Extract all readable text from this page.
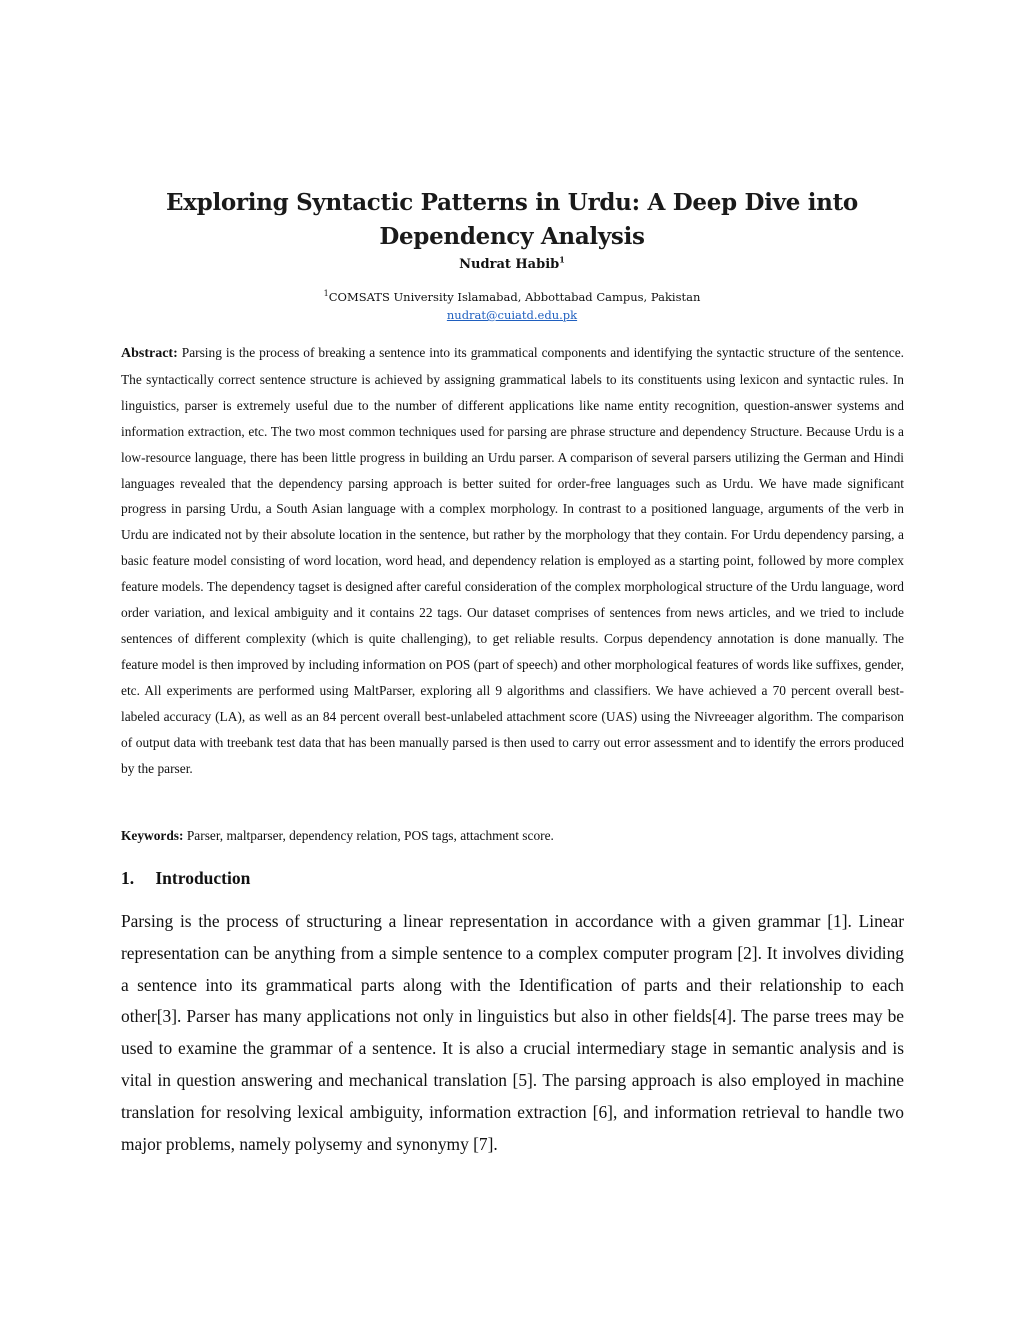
Exploring Syntactic Patterns in Urdu: A Deep Dive into Dependency Analysis
Nudrat Habib$^1$
$^1$COMSATS University Islamabad, Abbottabad Campus, Pakistan
nudrat@cuiatd.edu.pk
Abstract: Parsing is the process of breaking a sentence into its grammatical components and identifying the syntactic structure of the sentence. The syntactically correct sentence structure is achieved by assigning grammatical labels to its constituents using lexicon and syntactic rules. In linguistics, parser is extremely useful due to the number of different applications like name entity recognition, question-answer systems and information extraction, etc. The two most common techniques used for parsing are phrase structure and dependency Structure. Because Urdu is a low-resource language, there has been little progress in building an Urdu parser. A comparison of several parsers utilizing the German and Hindi languages revealed that the dependency parsing approach is better suited for order-free languages such as Urdu. We have made significant progress in parsing Urdu, a South Asian language with a complex morphology. In contrast to a positioned language, arguments of the verb in Urdu are indicated not by their absolute location in the sentence, but rather by the morphology that they contain. For Urdu dependency parsing, a basic feature model consisting of word location, word head, and dependency relation is employed as a starting point, followed by more complex feature models. The dependency tagset is designed after careful consideration of the complex morphological structure of the Urdu language, word order variation, and lexical ambiguity and it contains 22 tags. Our dataset comprises of sentences from news articles, and we tried to include sentences of different complexity (which is quite challenging), to get reliable results. Corpus dependency annotation is done manually. The feature model is then improved by including information on POS (part of speech) and other morphological features of words like suffixes, gender, etc. All experiments are performed using MaltParser, exploring all 9 algorithms and classifiers. We have achieved a 70 percent overall best-labeled accuracy (LA), as well as an 84 percent overall best-unlabeled attachment score (UAS) using the Nivreeager algorithm. The comparison of output data with treebank test data that has been manually parsed is then used to carry out error assessment and to identify the errors produced by the parser.
Keywords: Parser, maltparser, dependency relation, POS tags, attachment score.
1. Introduction
Parsing is the process of structuring a linear representation in accordance with a given grammar [1]. Linear representation can be anything from a simple sentence to a complex computer program [2]. It involves dividing a sentence into its grammatical parts along with the Identification of parts and their relationship to each other[3]. Parser has many applications not only in linguistics but also in other fields[4]. The parse trees may be used to examine the grammar of a sentence. It is also a crucial intermediary stage in semantic analysis and is vital in question answering and mechanical translation [5]. The parsing approach is also employed in machine translation for resolving lexical ambiguity, information extraction [6], and information retrieval to handle two major problems, namely polysemy and synonymy [7].
